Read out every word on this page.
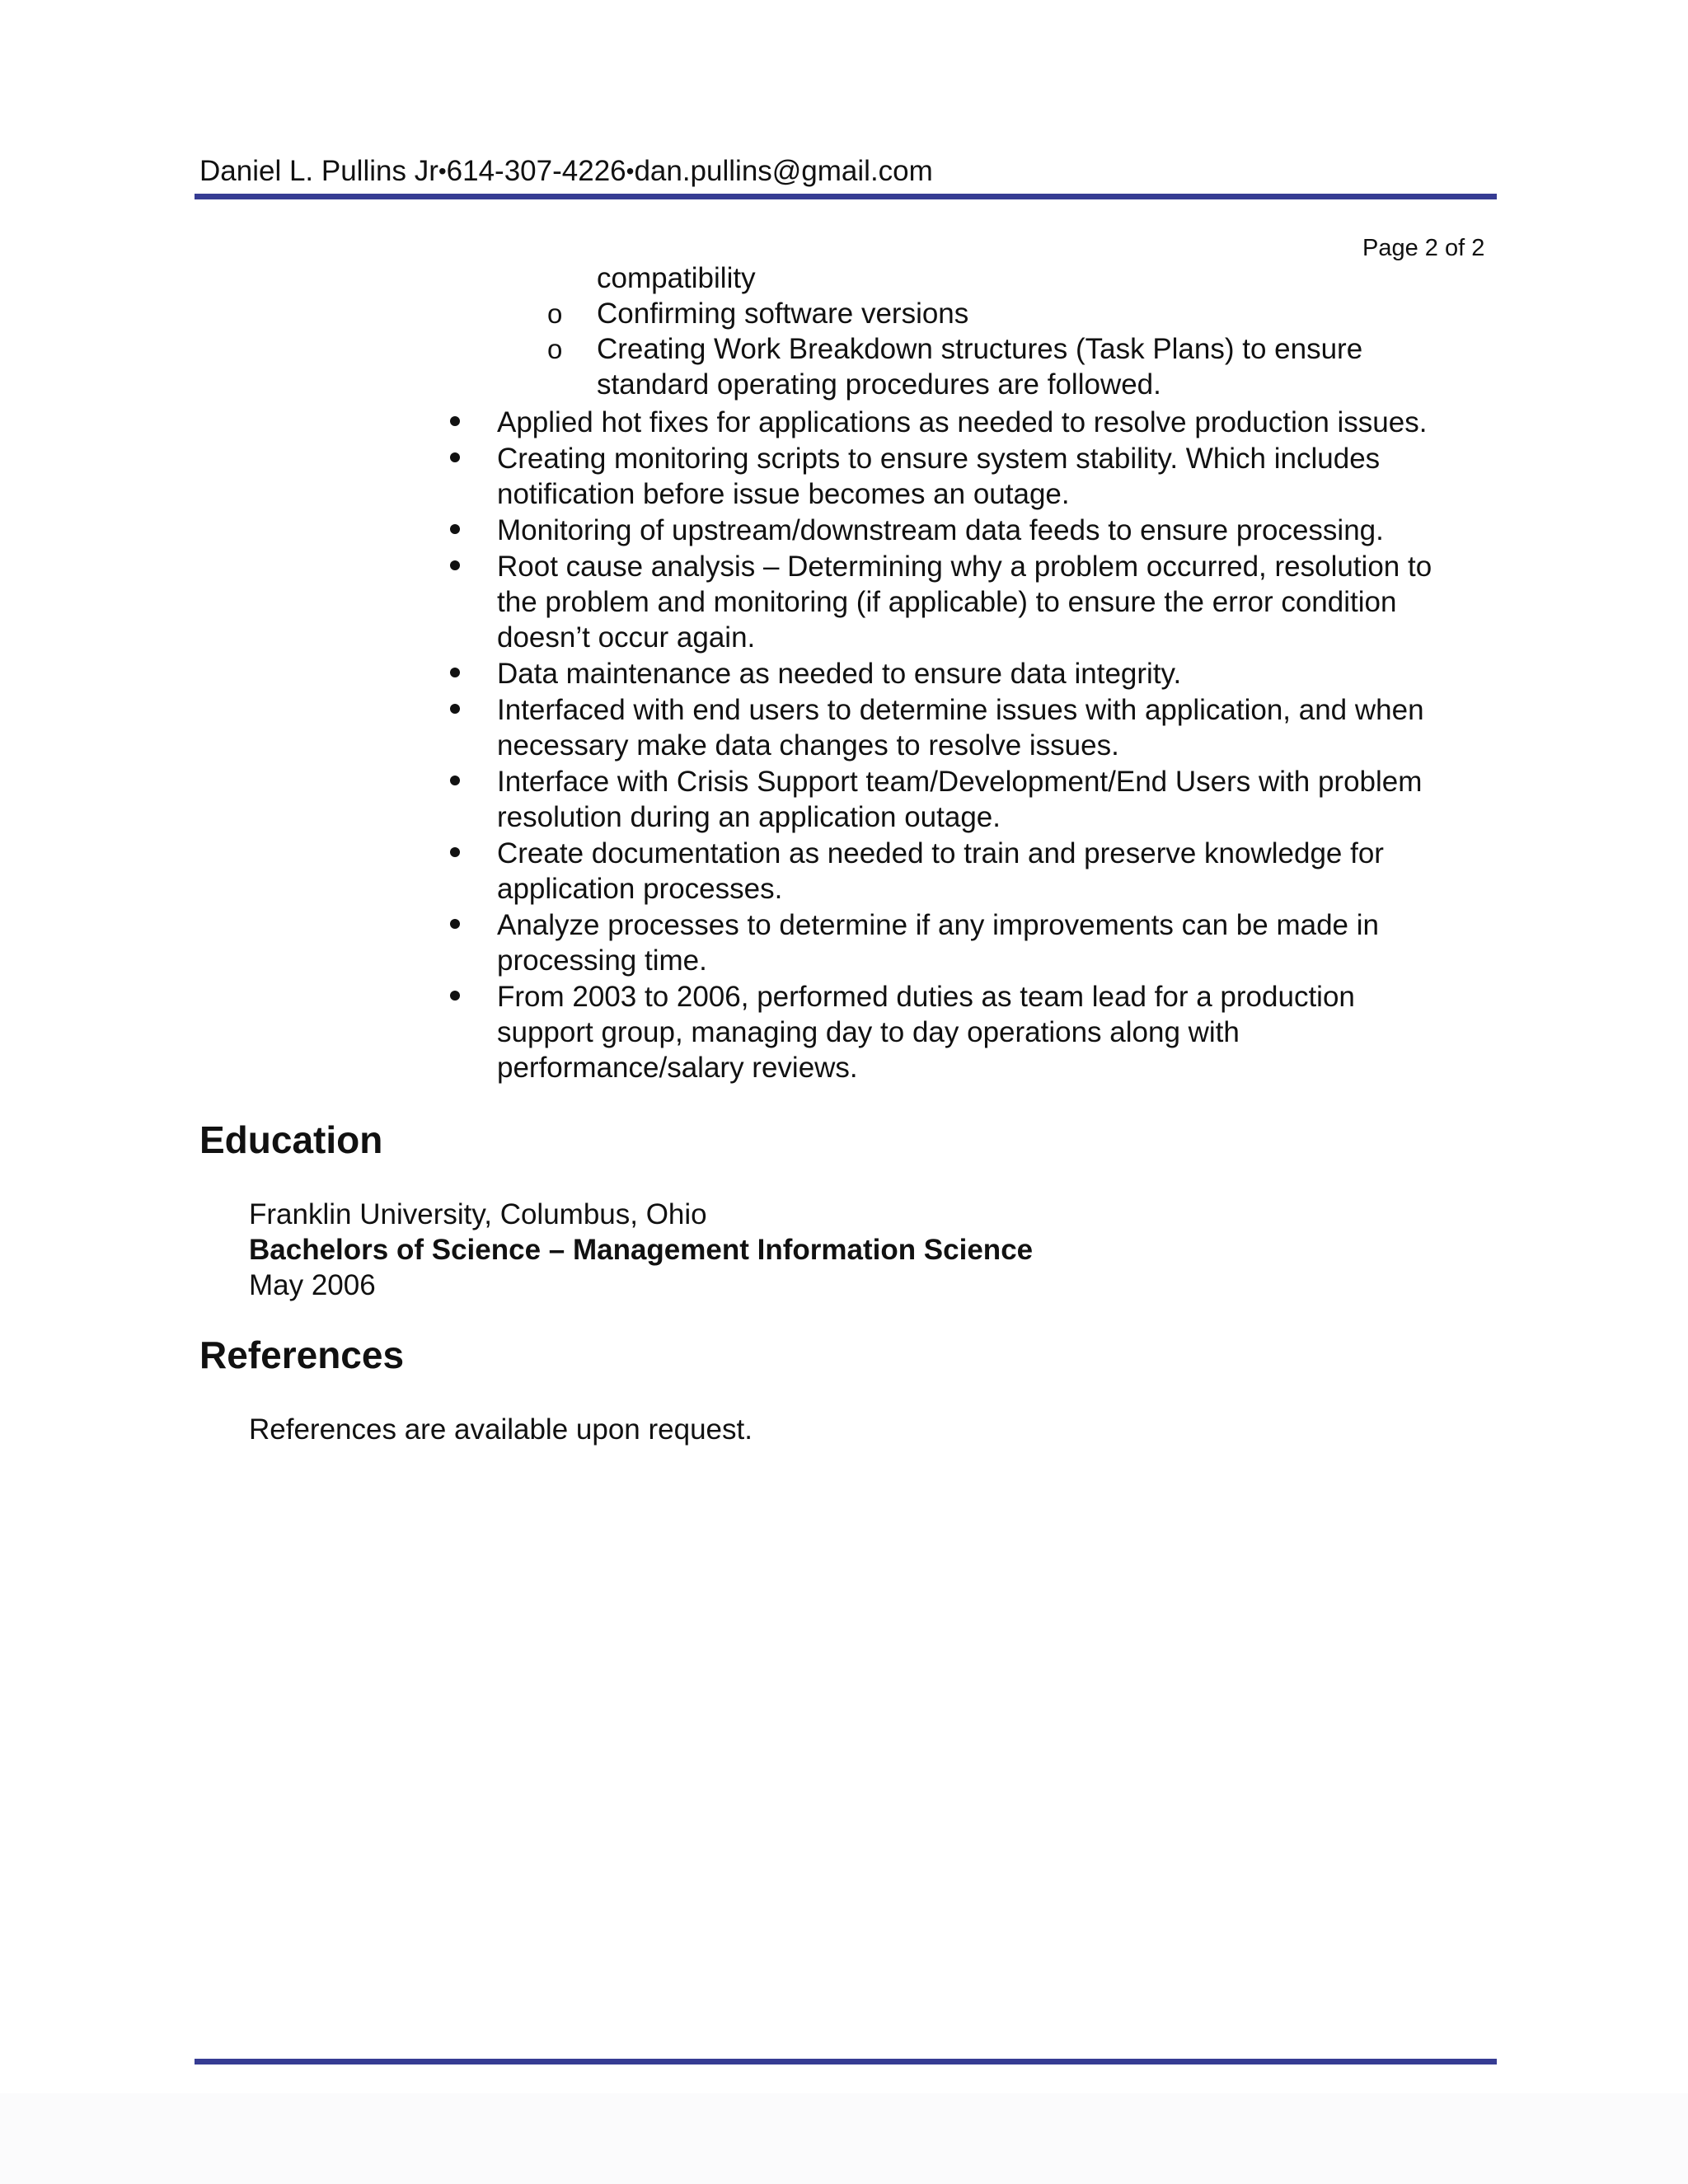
Daniel L. Pullins Jr•614-307-4226•dan.pullins@gmail.com
Page 2 of 2
compatibility
o Confirming software versions
o Creating Work Breakdown structures (Task Plans) to ensure
standard operating procedures are followed.
Applied hot fixes for applications as needed to resolve production issues.
Creating monitoring scripts to ensure system stability. Which includes
notification before issue becomes an outage.
Monitoring of upstream/downstream data feeds to ensure processing.
Root cause analysis – Determining why a problem occurred, resolution to
the problem and monitoring (if applicable) to ensure the error condition
doesn’t occur again.
Data maintenance as needed to ensure data integrity.
Interfaced with end users to determine issues with application, and when
necessary make data changes to resolve issues.
Interface with Crisis Support team/Development/End Users with problem
resolution during an application outage.
Create documentation as needed to train and preserve knowledge for
application processes.
Analyze processes to determine if any improvements can be made in
processing time.
From 2003 to 2006, performed duties as team lead for a production
support group, managing day to day operations along with
performance/salary reviews.
Education
Franklin University, Columbus, Ohio
Bachelors of Science – Management Information Science
May 2006
References
References are available upon request.
